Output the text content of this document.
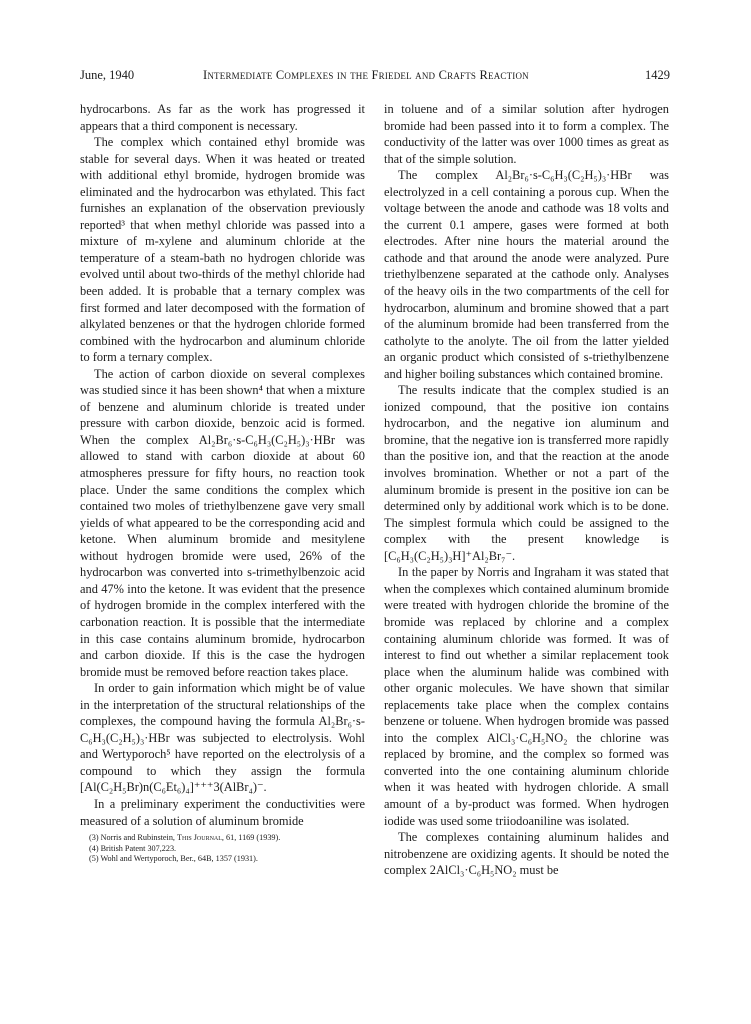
June, 1940	Intermediate Complexes in the Friedel and Crafts Reaction	1429

hydrocarbons. As far as the work has progressed it appears that a third component is necessary.

The complex which contained ethyl bromide was stable for several days. When it was heated or treated with additional ethyl bromide, hydrogen bromide was eliminated and the hydrocarbon was ethylated. This fact furnishes an explanation of the observation previously reported³ that when methyl chloride was passed into a mixture of m-xylene and aluminum chloride at the temperature of a steam-bath no hydrogen chloride was evolved until about two-thirds of the methyl chloride had been added. It is probable that a ternary complex was first formed and later decomposed with the formation of alkylated benzenes or that the hydrogen chloride formed combined with the hydrocarbon and aluminum chloride to form a ternary complex.

The action of carbon dioxide on several complexes was studied since it has been shown⁴ that when a mixture of benzene and aluminum chloride is treated under pressure with carbon dioxide, benzoic acid is formed. When the complex Al₂Br₆·s-C₆H₃(C₂H₅)₃·HBr was allowed to stand with carbon dioxide at about 60 atmospheres pressure for fifty hours, no reaction took place. Under the same conditions the complex which contained two moles of triethylbenzene gave very small yields of what appeared to be the corresponding acid and ketone. When aluminum bromide and mesitylene without hydrogen bromide were used, 26% of the hydrocarbon was converted into s-trimethylbenzoic acid and 47% into the ketone. It was evident that the presence of hydrogen bromide in the complex interfered with the carbonation reaction. It is possible that the intermediate in this case contains aluminum bromide, hydrocarbon and carbon dioxide. If this is the case the hydrogen bromide must be removed before reaction takes place.

In order to gain information which might be of value in the interpretation of the structural relationships of the complexes, the compound having the formula Al₂Br₆·s-C₆H₃(C₂H₅)₃·HBr was subjected to electrolysis. Wohl and Wertyporoch⁵ have reported on the electrolysis of a compound to which they assign the formula [Al(C₂H₅Br)n(C₆Et₆)₄]⁺⁺⁺3(AlBr₄)⁻.

In a preliminary experiment the conductivities were measured of a solution of aluminum bromide

(3) Norris and Rubinstein, This Journal, 61, 1169 (1939).
(4) British Patent 307,223.
(5) Wohl and Wertyporoch, Ber., 64B, 1357 (1931).

in toluene and of a similar solution after hydrogen bromide had been passed into it to form a complex. The conductivity of the latter was over 1000 times as great as that of the simple solution.

The complex Al₂Br₆·s-C₆H₃(C₂H₅)₃·HBr was electrolyzed in a cell containing a porous cup. When the voltage between the anode and cathode was 18 volts and the current 0.1 ampere, gases were formed at both electrodes. After nine hours the material around the cathode and that around the anode were analyzed. Pure triethylbenzene separated at the cathode only. Analyses of the heavy oils in the two compartments of the cell for hydrocarbon, aluminum and bromine showed that a part of the aluminum bromide had been transferred from the catholyte to the anolyte. The oil from the latter yielded an organic product which consisted of s-triethylbenzene and higher boiling substances which contained bromine.

The results indicate that the complex studied is an ionized compound, that the positive ion contains hydrocarbon, and the negative ion aluminum and bromine, that the negative ion is transferred more rapidly than the positive ion, and that the reaction at the anode involves bromination. Whether or not a part of the aluminum bromide is present in the positive ion can be determined only by additional work which is to be done. The simplest formula which could be assigned to the complex with the present knowledge is [C₆H₃(C₂H₅)₃H]⁺Al₂Br₇⁻.

In the paper by Norris and Ingraham it was stated that when the complexes which contained aluminum bromide were treated with hydrogen chloride the bromine of the bromide was replaced by chlorine and a complex containing aluminum chloride was formed. It was of interest to find out whether a similar replacement took place when the aluminum halide was combined with other organic molecules. We have shown that similar replacements take place when the complex contains benzene or toluene. When hydrogen bromide was passed into the complex AlCl₃·C₆H₅NO₂ the chlorine was replaced by bromine, and the complex so formed was converted into the one containing aluminum chloride when it was heated with hydrogen chloride. A small amount of a by-product was formed. When hydrogen iodide was used some triiodoaniline was isolated.

The complexes containing aluminum halides and nitrobenzene are oxidizing agents. It should be noted the complex 2AlCl₃·C₆H₅NO₂ must be
